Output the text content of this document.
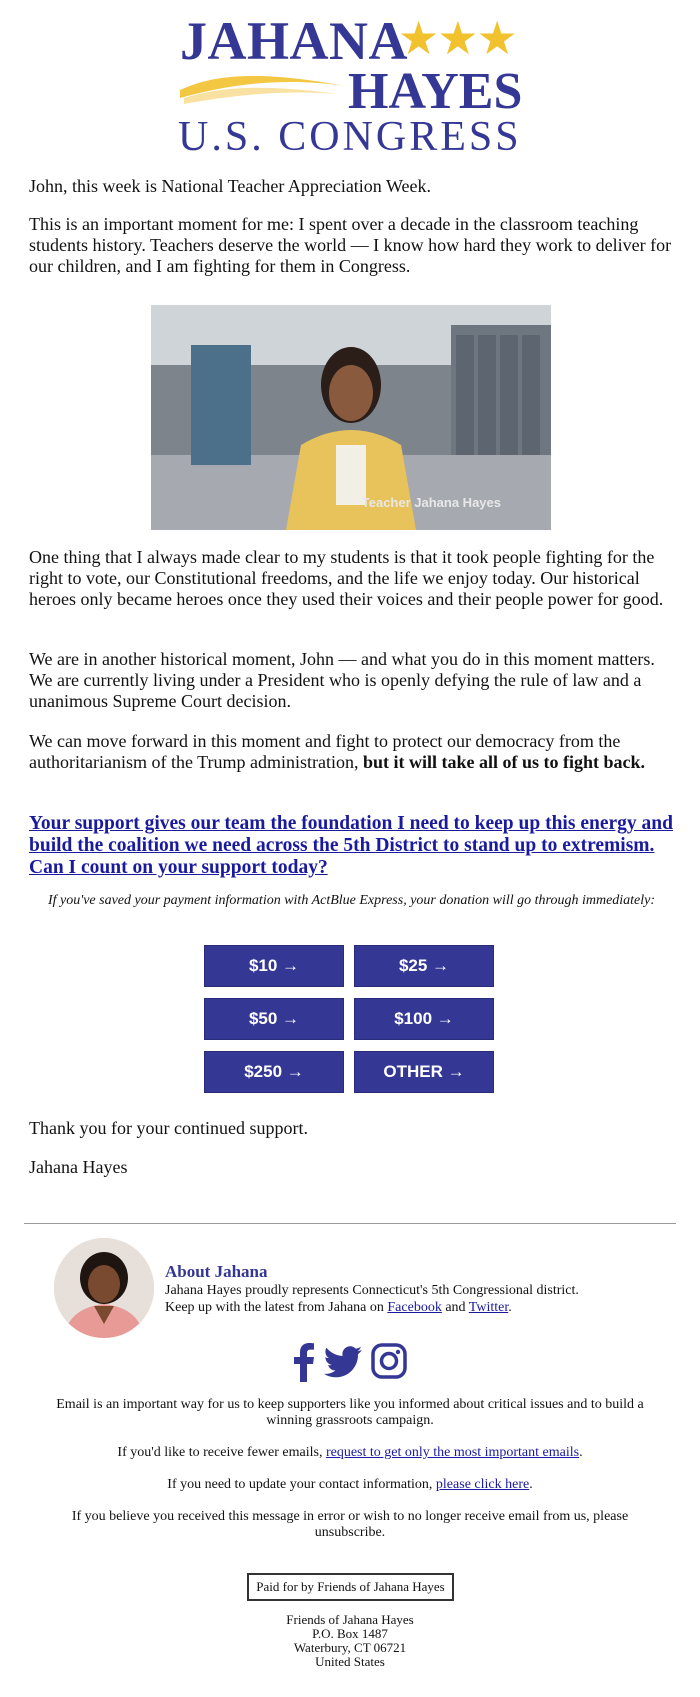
JAHANA
★★★
HAYES
U.S. CONGRESS
John, this week is National Teacher Appreciation Week.
This is an important moment for me: I spent over a decade in the classroom teaching students history. Teachers deserve the world — I know how hard they work to deliver for our children, and I am fighting for them in Congress.
Teacher Jahana Hayes
One thing that I always made clear to my students is that it took people fighting for the right to vote, our Constitutional freedoms, and the life we enjoy today. Our historical heroes only became heroes once they used their voices and their people power for good.
We are in another historical moment, John — and what you do in this moment matters. We are currently living under a President who is openly defying the rule of law and a unanimous Supreme Court decision.
We can move forward in this moment and fight to protect our democracy from the authoritarianism of the Trump administration, but it will take all of us to fight back.
Your support gives our team the foundation I need to keep up this energy and build the coalition we need across the 5th District to stand up to extremism. Can I count on your support today?
If you've saved your payment information with ActBlue Express, your donation will go through immediately:
$10 →	$25 →
$50 →	$100 →
$250 →	OTHER →
Thank you for your continued support.
Jahana Hayes
About Jahana
Jahana Hayes proudly represents Connecticut's 5th Congressional district.
Keep up with the latest from Jahana on Facebook and Twitter.
Email is an important way for us to keep supporters like you informed about critical issues and to build a winning grassroots campaign.
If you'd like to receive fewer emails, request to get only the most important emails.
If you need to update your contact information, please click here.
If you believe you received this message in error or wish to no longer receive email from us, please unsubscribe.
Paid for by Friends of Jahana Hayes
Friends of Jahana Hayes
P.O. Box 1487
Waterbury, CT 06721
United States
